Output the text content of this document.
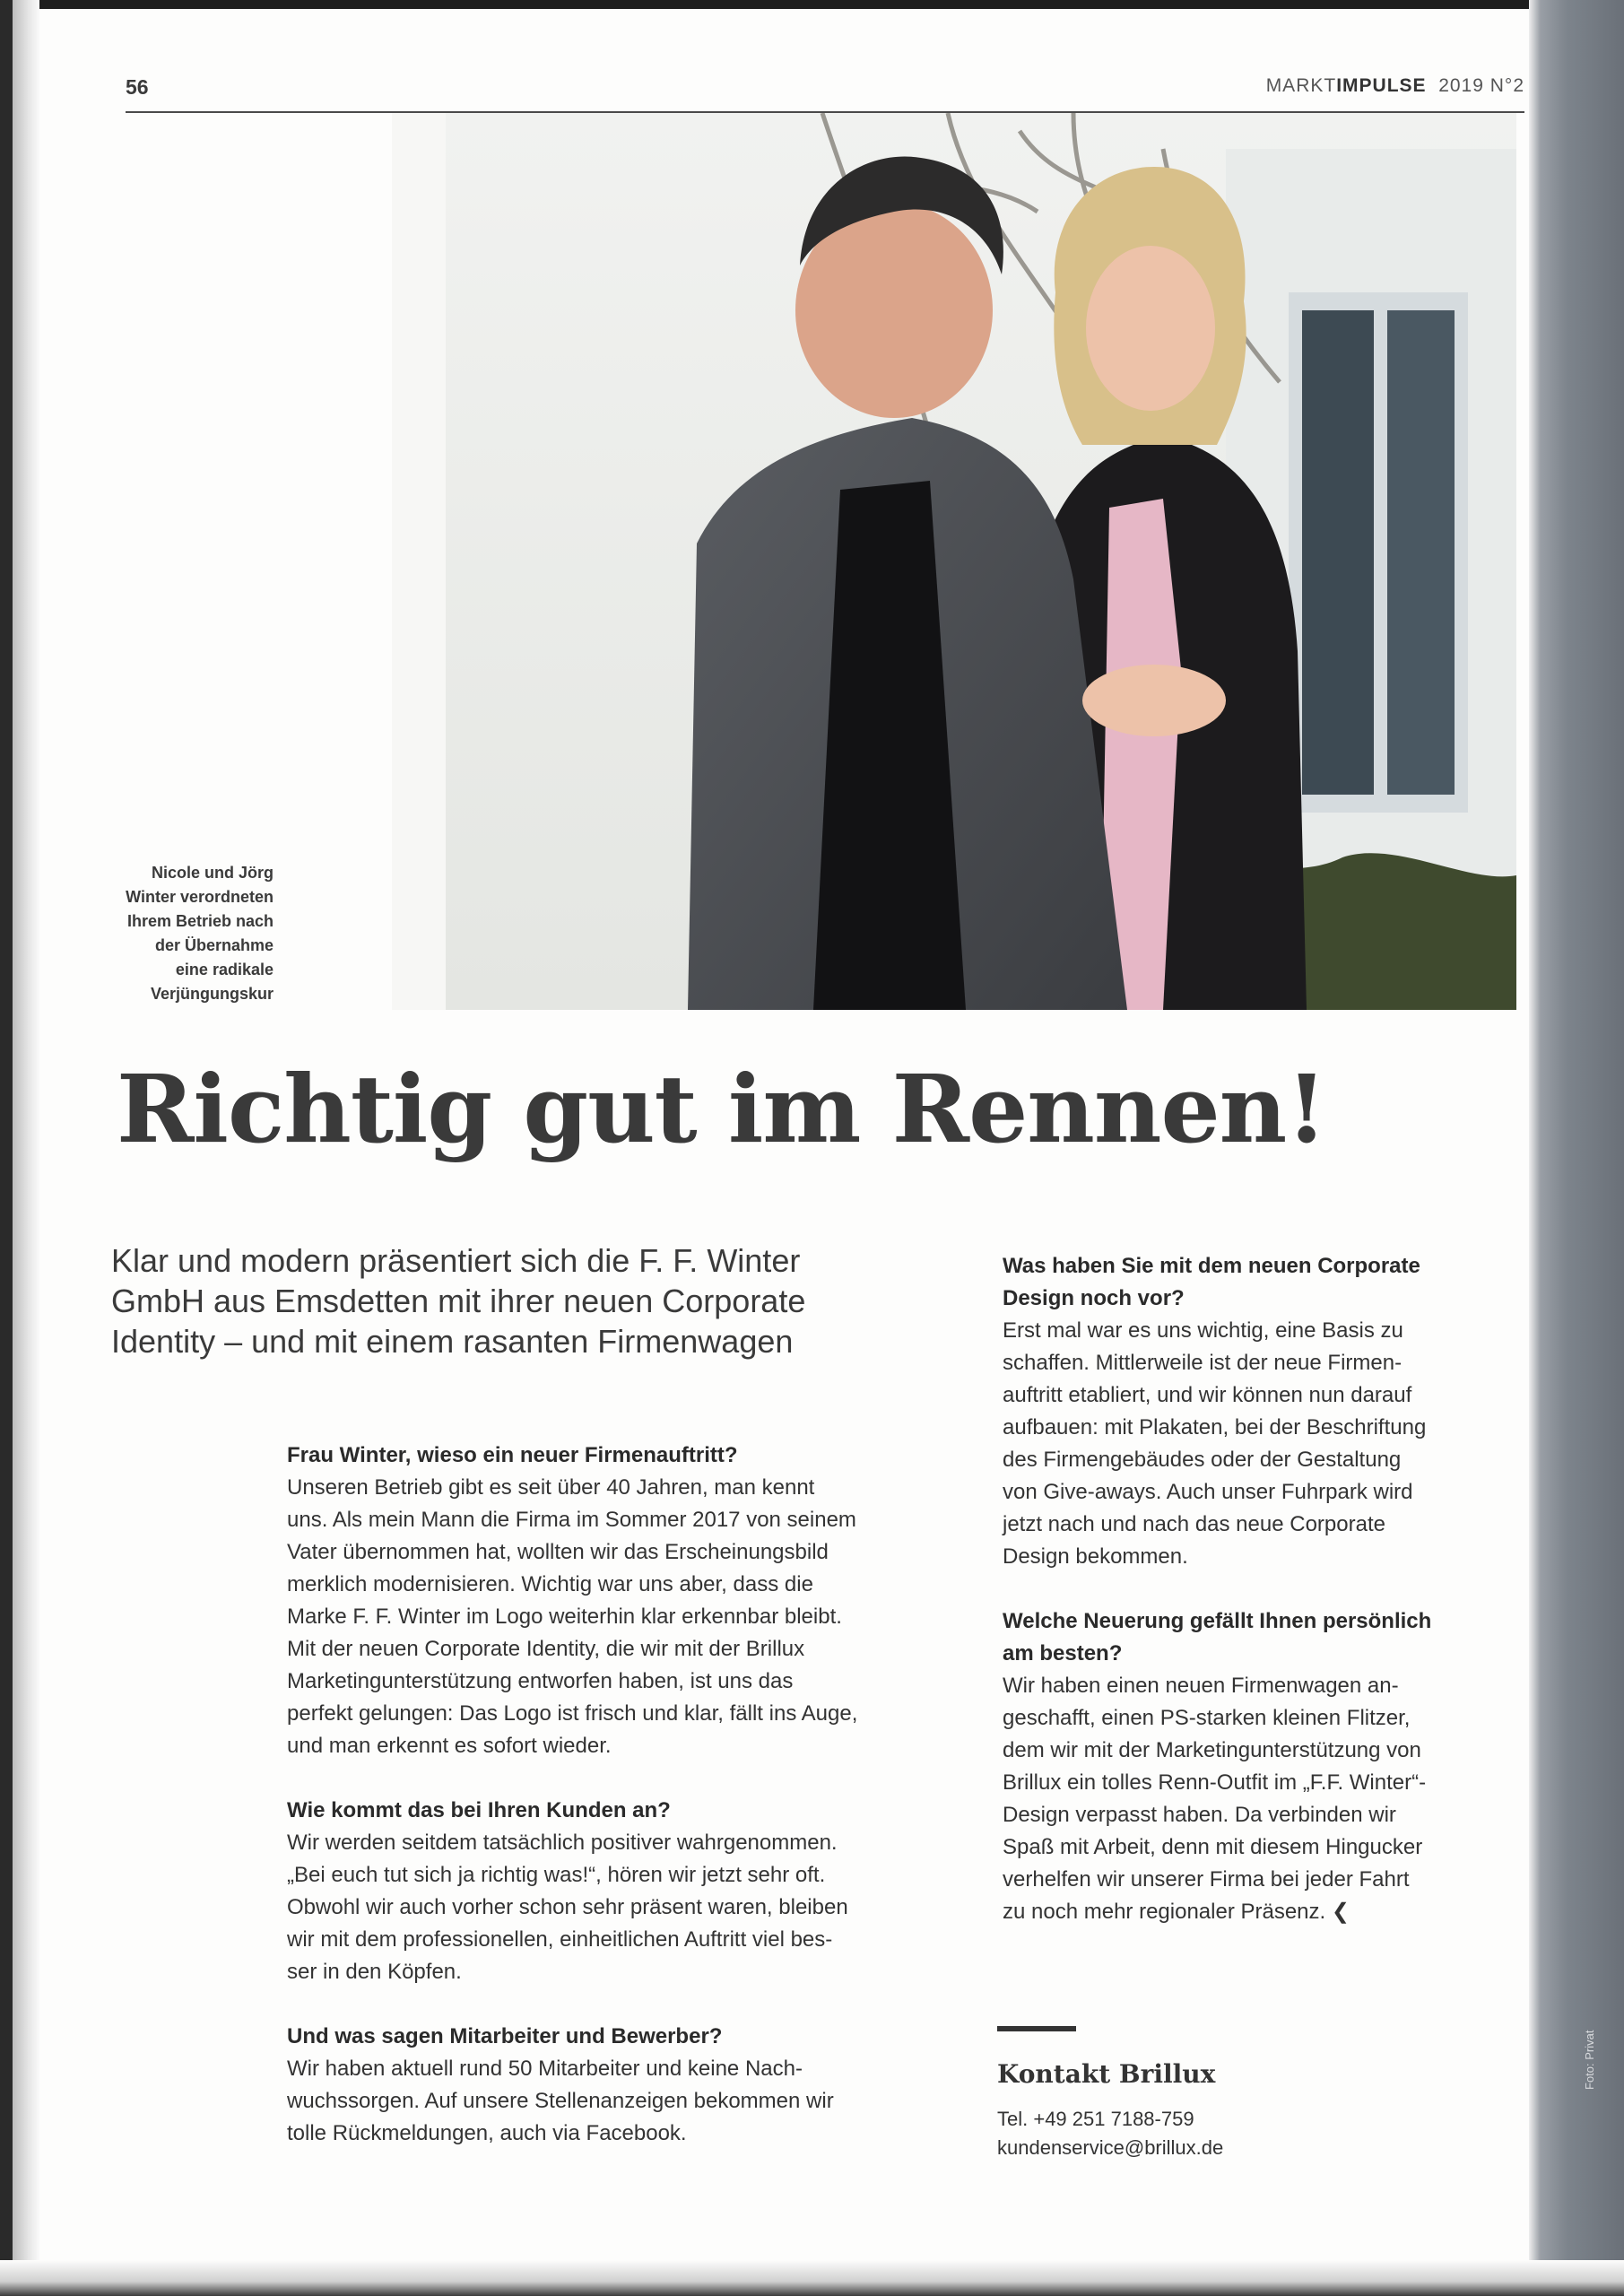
56	MARKTIMPULSE 2019 N°2
Nicole und Jörg
Winter verordneten
Ihrem Betrieb nach
der Übernahme
eine radikale
Verjüngungskur
Richtig gut im Rennen!
Klar und modern präsentiert sich die F. F. Winter
GmbH aus Emsdetten mit ihrer neuen Corporate
Identity – und mit einem rasanten Firmenwagen
Frau Winter, wieso ein neuer Firmenauftritt?
Unseren Betrieb gibt es seit über 40 Jahren, man kennt
uns. Als mein Mann die Firma im Sommer 2017 von seinem
Vater übernommen hat, wollten wir das Erscheinungsbild
merklich modernisieren. Wichtig war uns aber, dass die
Marke F. F. Winter im Logo weiterhin klar erkennbar bleibt.
Mit der neuen Corporate Identity, die wir mit der Brillux
Marketingunterstützung entworfen haben, ist uns das
perfekt gelungen: Das Logo ist frisch und klar, fällt ins Auge,
und man erkennt es sofort wieder.
Wie kommt das bei Ihren Kunden an?
Wir werden seitdem tatsächlich positiver wahrgenommen.
„Bei euch tut sich ja richtig was!“, hören wir jetzt sehr oft.
Obwohl wir auch vorher schon sehr präsent waren, bleiben
wir mit dem professionellen, einheitlichen Auftritt viel bes-
ser in den Köpfen.
Und was sagen Mitarbeiter und Bewerber?
Wir haben aktuell rund 50 Mitarbeiter und keine Nach-
wuchssorgen. Auf unsere Stellenanzeigen bekommen wir
tolle Rückmeldungen, auch via Facebook.
Was haben Sie mit dem neuen Corporate
Design noch vor?
Erst mal war es uns wichtig, eine Basis zu
schaffen. Mittlerweile ist der neue Firmen-
auftritt etabliert, und wir können nun darauf
aufbauen: mit Plakaten, bei der Beschriftung
des Firmengebäudes oder der Gestaltung
von Give-aways. Auch unser Fuhrpark wird
jetzt nach und nach das neue Corporate
Design bekommen.
Welche Neuerung gefällt Ihnen persönlich
am besten?
Wir haben einen neuen Firmenwagen an-
geschafft, einen PS-starken kleinen Flitzer,
dem wir mit der Marketingunterstützung von
Brillux ein tolles Renn-Outfit im „F.F. Winter“-
Design verpasst haben. Da verbinden wir
Spaß mit Arbeit, denn mit diesem Hingucker
verhelfen wir unserer Firma bei jeder Fahrt
zu noch mehr regionaler Präsenz. ❮
Kontakt Brillux
Tel. +49 251 7188-759
kundenservice@brillux.de
Foto: Privat
